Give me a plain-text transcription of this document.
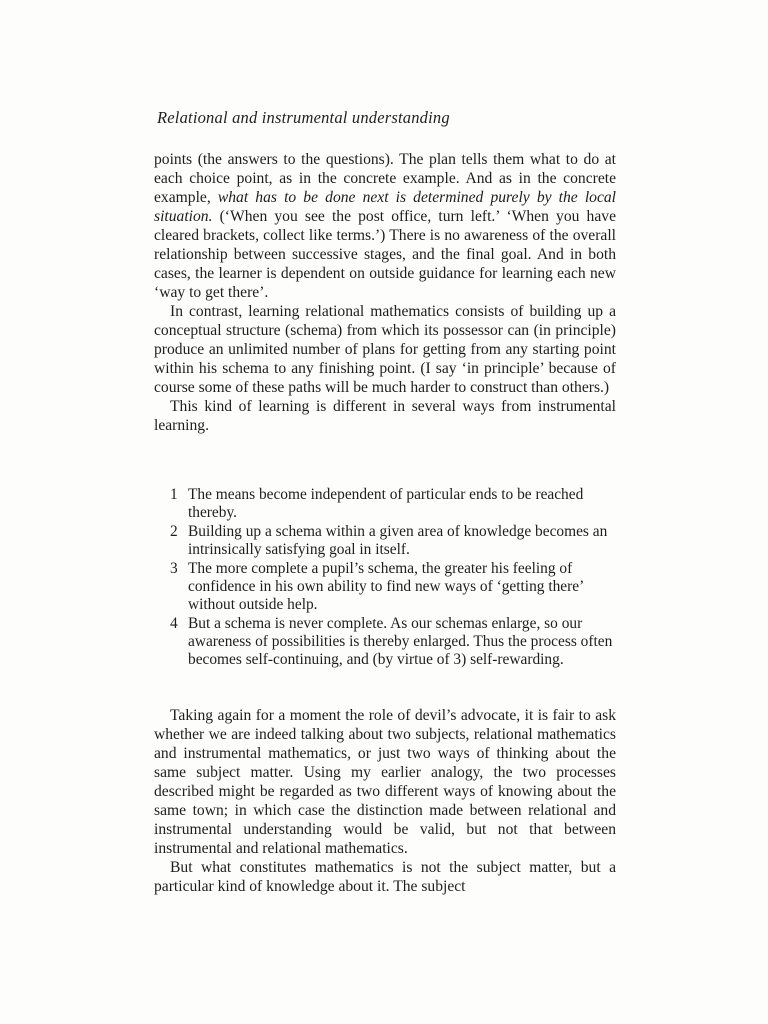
Relational and instrumental understanding

points (the answers to the questions). The plan tells them what to do at each choice point, as in the concrete example. And as in the concrete example, what has to be done next is determined purely by the local situation. (‘When you see the post office, turn left.’ ‘When you have cleared brackets, collect like terms.’) There is no awareness of the overall relationship between successive stages, and the final goal. And in both cases, the learner is dependent on outside guidance for learning each new ‘way to get there’.

In contrast, learning relational mathematics consists of building up a conceptual structure (schema) from which its possessor can (in principle) produce an unlimited number of plans for getting from any starting point within his schema to any finishing point. (I say ‘in principle’ because of course some of these paths will be much harder to construct than others.)

This kind of learning is different in several ways from instrumental learning.

1 The means become independent of particular ends to be reached thereby.
2 Building up a schema within a given area of knowledge becomes an intrinsically satisfying goal in itself.
3 The more complete a pupil’s schema, the greater his feeling of confidence in his own ability to find new ways of ‘getting there’ without outside help.
4 But a schema is never complete. As our schemas enlarge, so our awareness of possibilities is thereby enlarged. Thus the process often becomes self-continuing, and (by virtue of 3) self-rewarding.

Taking again for a moment the role of devil’s advocate, it is fair to ask whether we are indeed talking about two subjects, relational mathematics and instrumental mathematics, or just two ways of thinking about the same subject matter. Using my earlier analogy, the two processes described might be regarded as two different ways of knowing about the same town; in which case the distinction made between relational and instrumental understanding would be valid, but not that between instrumental and relational mathematics.

But what constitutes mathematics is not the subject matter, but a particular kind of knowledge about it. The subject
